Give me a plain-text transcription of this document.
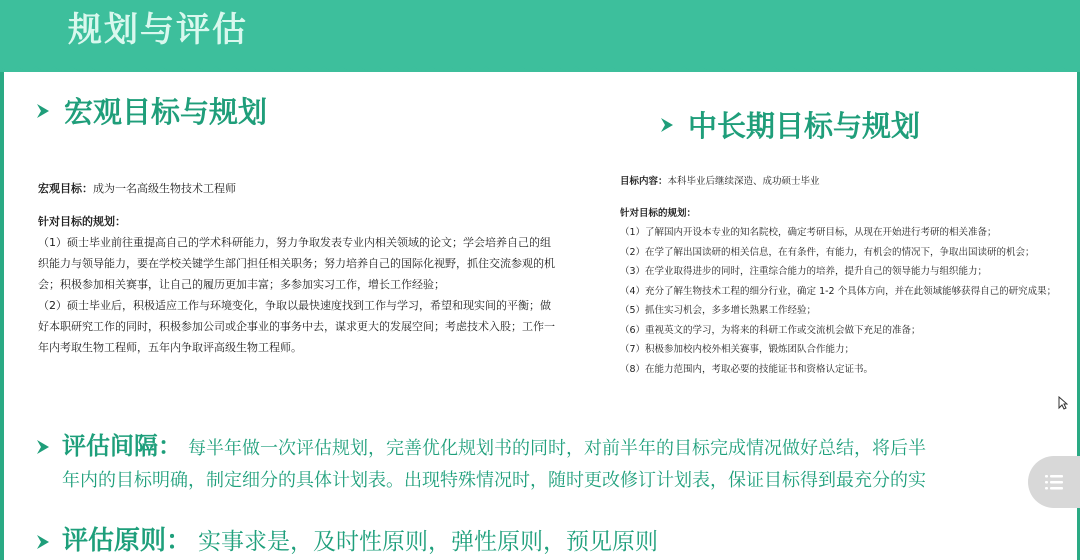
规划与评估
宏观目标与规划
宏观目标：成为一名高级生物技术工程师
针对目标的规划：
（1）硕士毕业前往重提高自己的学术科研能力，努力争取发表专业内相关领域的论文；学会培养自己的组织能力与领导能力，要在学校关键学生部门担任相关职务；努力培养自己的国际化视野，抓住交流参观的机会；积极参加相关赛事，让自己的履历更加丰富；多参加实习工作，增长工作经验；
（2）硕士毕业后，积极适应工作与环境变化，争取以最快速度找到工作与学习，希望和现实间的平衡；做好本职研究工作的同时，积极参加公司或企事业的事务中去，谋求更大的发展空间；考虑技术入股；工作一年内考取生物工程师，五年内争取评高级生物工程师。
中长期目标与规划
目标内容：本科毕业后继续深造、成功硕士毕业
针对目标的规划：
（1）了解国内开设本专业的知名院校，确定考研目标，从现在开始进行考研的相关准备；
（2）在学了解出国读研的相关信息，在有条件，有能力，有机会的情况下，争取出国读研的机会；
（3）在学业取得进步的同时，注重综合能力的培养，提升自己的领导能力与组织能力；
（4）充分了解生物技术工程的细分行业，确定 1-2 个具体方向，并在此领域能够获得自己的研究成果；
（5）抓住实习机会，多多增长熟累工作经验；
（6）重视英文的学习，为将来的科研工作或交流机会做下充足的准备；
（7）积极参加校内校外相关赛事，锻炼团队合作能力；
（8）在能力范围内，考取必要的技能证书和资格认定证书。
评估间隔： 每半年做一次评估规划，完善优化规划书的同时，对前半年的目标完成情况做好总结，将后半
年内的目标明确，制定细分的具体计划表。出现特殊情况时，随时更改修订计划表，保证目标得到最充分的实
评估原则： 实事求是，及时性原则，弹性原则，预见原则
